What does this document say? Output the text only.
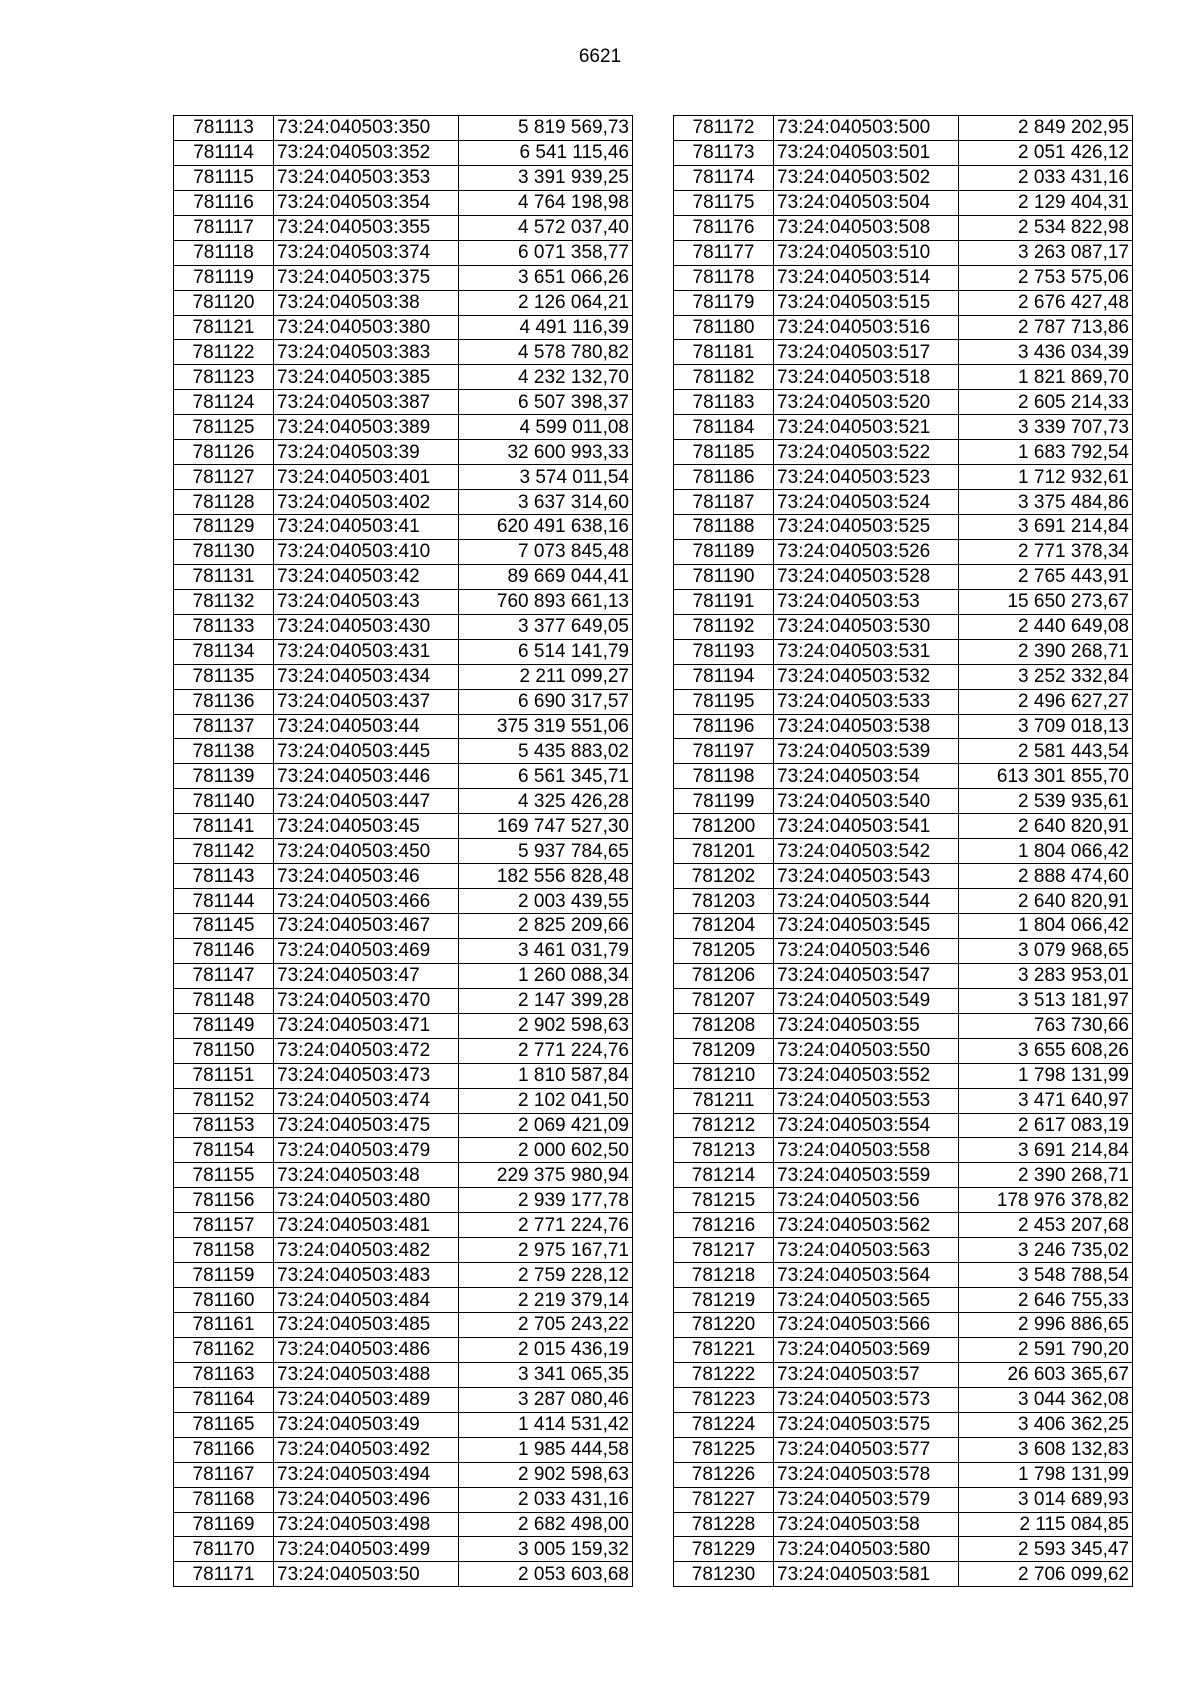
6621
781113	73:24:040503:350	5 819 569,73
781114	73:24:040503:352	6 541 115,46
781115	73:24:040503:353	3 391 939,25
781116	73:24:040503:354	4 764 198,98
781117	73:24:040503:355	4 572 037,40
781118	73:24:040503:374	6 071 358,77
781119	73:24:040503:375	3 651 066,26
781120	73:24:040503:38	2 126 064,21
781121	73:24:040503:380	4 491 116,39
781122	73:24:040503:383	4 578 780,82
781123	73:24:040503:385	4 232 132,70
781124	73:24:040503:387	6 507 398,37
781125	73:24:040503:389	4 599 011,08
781126	73:24:040503:39	32 600 993,33
781127	73:24:040503:401	3 574 011,54
781128	73:24:040503:402	3 637 314,60
781129	73:24:040503:41	620 491 638,16
781130	73:24:040503:410	7 073 845,48
781131	73:24:040503:42	89 669 044,41
781132	73:24:040503:43	760 893 661,13
781133	73:24:040503:430	3 377 649,05
781134	73:24:040503:431	6 514 141,79
781135	73:24:040503:434	2 211 099,27
781136	73:24:040503:437	6 690 317,57
781137	73:24:040503:44	375 319 551,06
781138	73:24:040503:445	5 435 883,02
781139	73:24:040503:446	6 561 345,71
781140	73:24:040503:447	4 325 426,28
781141	73:24:040503:45	169 747 527,30
781142	73:24:040503:450	5 937 784,65
781143	73:24:040503:46	182 556 828,48
781144	73:24:040503:466	2 003 439,55
781145	73:24:040503:467	2 825 209,66
781146	73:24:040503:469	3 461 031,79
781147	73:24:040503:47	1 260 088,34
781148	73:24:040503:470	2 147 399,28
781149	73:24:040503:471	2 902 598,63
781150	73:24:040503:472	2 771 224,76
781151	73:24:040503:473	1 810 587,84
781152	73:24:040503:474	2 102 041,50
781153	73:24:040503:475	2 069 421,09
781154	73:24:040503:479	2 000 602,50
781155	73:24:040503:48	229 375 980,94
781156	73:24:040503:480	2 939 177,78
781157	73:24:040503:481	2 771 224,76
781158	73:24:040503:482	2 975 167,71
781159	73:24:040503:483	2 759 228,12
781160	73:24:040503:484	2 219 379,14
781161	73:24:040503:485	2 705 243,22
781162	73:24:040503:486	2 015 436,19
781163	73:24:040503:488	3 341 065,35
781164	73:24:040503:489	3 287 080,46
781165	73:24:040503:49	1 414 531,42
781166	73:24:040503:492	1 985 444,58
781167	73:24:040503:494	2 902 598,63
781168	73:24:040503:496	2 033 431,16
781169	73:24:040503:498	2 682 498,00
781170	73:24:040503:499	3 005 159,32
781171	73:24:040503:50	2 053 603,68
781172	73:24:040503:500	2 849 202,95
781173	73:24:040503:501	2 051 426,12
781174	73:24:040503:502	2 033 431,16
781175	73:24:040503:504	2 129 404,31
781176	73:24:040503:508	2 534 822,98
781177	73:24:040503:510	3 263 087,17
781178	73:24:040503:514	2 753 575,06
781179	73:24:040503:515	2 676 427,48
781180	73:24:040503:516	2 787 713,86
781181	73:24:040503:517	3 436 034,39
781182	73:24:040503:518	1 821 869,70
781183	73:24:040503:520	2 605 214,33
781184	73:24:040503:521	3 339 707,73
781185	73:24:040503:522	1 683 792,54
781186	73:24:040503:523	1 712 932,61
781187	73:24:040503:524	3 375 484,86
781188	73:24:040503:525	3 691 214,84
781189	73:24:040503:526	2 771 378,34
781190	73:24:040503:528	2 765 443,91
781191	73:24:040503:53	15 650 273,67
781192	73:24:040503:530	2 440 649,08
781193	73:24:040503:531	2 390 268,71
781194	73:24:040503:532	3 252 332,84
781195	73:24:040503:533	2 496 627,27
781196	73:24:040503:538	3 709 018,13
781197	73:24:040503:539	2 581 443,54
781198	73:24:040503:54	613 301 855,70
781199	73:24:040503:540	2 539 935,61
781200	73:24:040503:541	2 640 820,91
781201	73:24:040503:542	1 804 066,42
781202	73:24:040503:543	2 888 474,60
781203	73:24:040503:544	2 640 820,91
781204	73:24:040503:545	1 804 066,42
781205	73:24:040503:546	3 079 968,65
781206	73:24:040503:547	3 283 953,01
781207	73:24:040503:549	3 513 181,97
781208	73:24:040503:55	763 730,66
781209	73:24:040503:550	3 655 608,26
781210	73:24:040503:552	1 798 131,99
781211	73:24:040503:553	3 471 640,97
781212	73:24:040503:554	2 617 083,19
781213	73:24:040503:558	3 691 214,84
781214	73:24:040503:559	2 390 268,71
781215	73:24:040503:56	178 976 378,82
781216	73:24:040503:562	2 453 207,68
781217	73:24:040503:563	3 246 735,02
781218	73:24:040503:564	3 548 788,54
781219	73:24:040503:565	2 646 755,33
781220	73:24:040503:566	2 996 886,65
781221	73:24:040503:569	2 591 790,20
781222	73:24:040503:57	26 603 365,67
781223	73:24:040503:573	3 044 362,08
781224	73:24:040503:575	3 406 362,25
781225	73:24:040503:577	3 608 132,83
781226	73:24:040503:578	1 798 131,99
781227	73:24:040503:579	3 014 689,93
781228	73:24:040503:58	2 115 084,85
781229	73:24:040503:580	2 593 345,47
781230	73:24:040503:581	2 706 099,62
